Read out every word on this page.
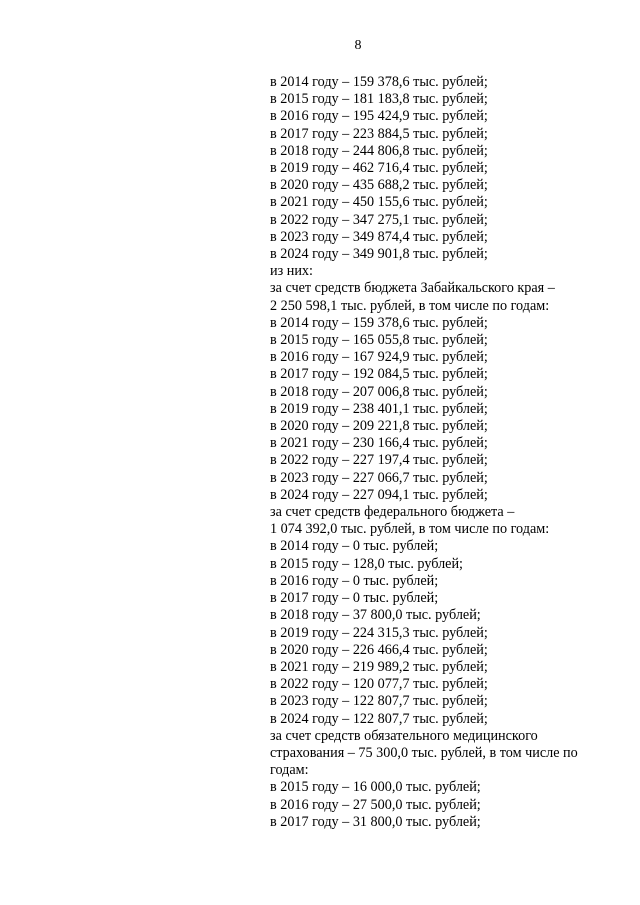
8
в 2014 году – 159 378,6 тыс. рублей;
в 2015 году – 181 183,8 тыс. рублей;
в 2016 году – 195 424,9 тыс. рублей;
в 2017 году – 223 884,5 тыс. рублей;
в 2018 году – 244 806,8 тыс. рублей;
в 2019 году – 462 716,4 тыс. рублей;
в 2020 году – 435 688,2 тыс. рублей;
в 2021 году – 450 155,6 тыс. рублей;
в 2022 году – 347 275,1 тыс. рублей;
в 2023 году – 349 874,4 тыс. рублей;
в 2024 году – 349 901,8 тыс. рублей;
из них:
за счет средств бюджета Забайкальского края –
2 250 598,1 тыс. рублей, в том числе по годам:
в 2014 году – 159 378,6 тыс. рублей;
в 2015 году – 165 055,8 тыс. рублей;
в 2016 году – 167 924,9 тыс. рублей;
в 2017 году – 192 084,5 тыс. рублей;
в 2018 году – 207 006,8 тыс. рублей;
в 2019 году – 238 401,1 тыс. рублей;
в 2020 году – 209 221,8 тыс. рублей;
в 2021 году – 230 166,4 тыс. рублей;
в 2022 году – 227 197,4 тыс. рублей;
в 2023 году – 227 066,7 тыс. рублей;
в 2024 году – 227 094,1 тыс. рублей;
за счет средств федерального бюджета –
1 074 392,0 тыс. рублей, в том числе по годам:
в 2014 году – 0 тыс. рублей;
в 2015 году – 128,0 тыс. рублей;
в 2016 году – 0 тыс. рублей;
в 2017 году – 0 тыс. рублей;
в 2018 году – 37 800,0 тыс. рублей;
в 2019 году – 224 315,3 тыс. рублей;
в 2020 году – 226 466,4 тыс. рублей;
в 2021 году – 219 989,2 тыс. рублей;
в 2022 году – 120 077,7 тыс. рублей;
в 2023 году – 122 807,7 тыс. рублей;
в 2024 году – 122 807,7 тыс. рублей;
за счет средств обязательного медицинского страхования – 75 300,0 тыс. рублей, в том числе по годам:
в 2015 году – 16 000,0 тыс. рублей;
в 2016 году – 27 500,0 тыс. рублей;
в 2017 году – 31 800,0 тыс. рублей;
